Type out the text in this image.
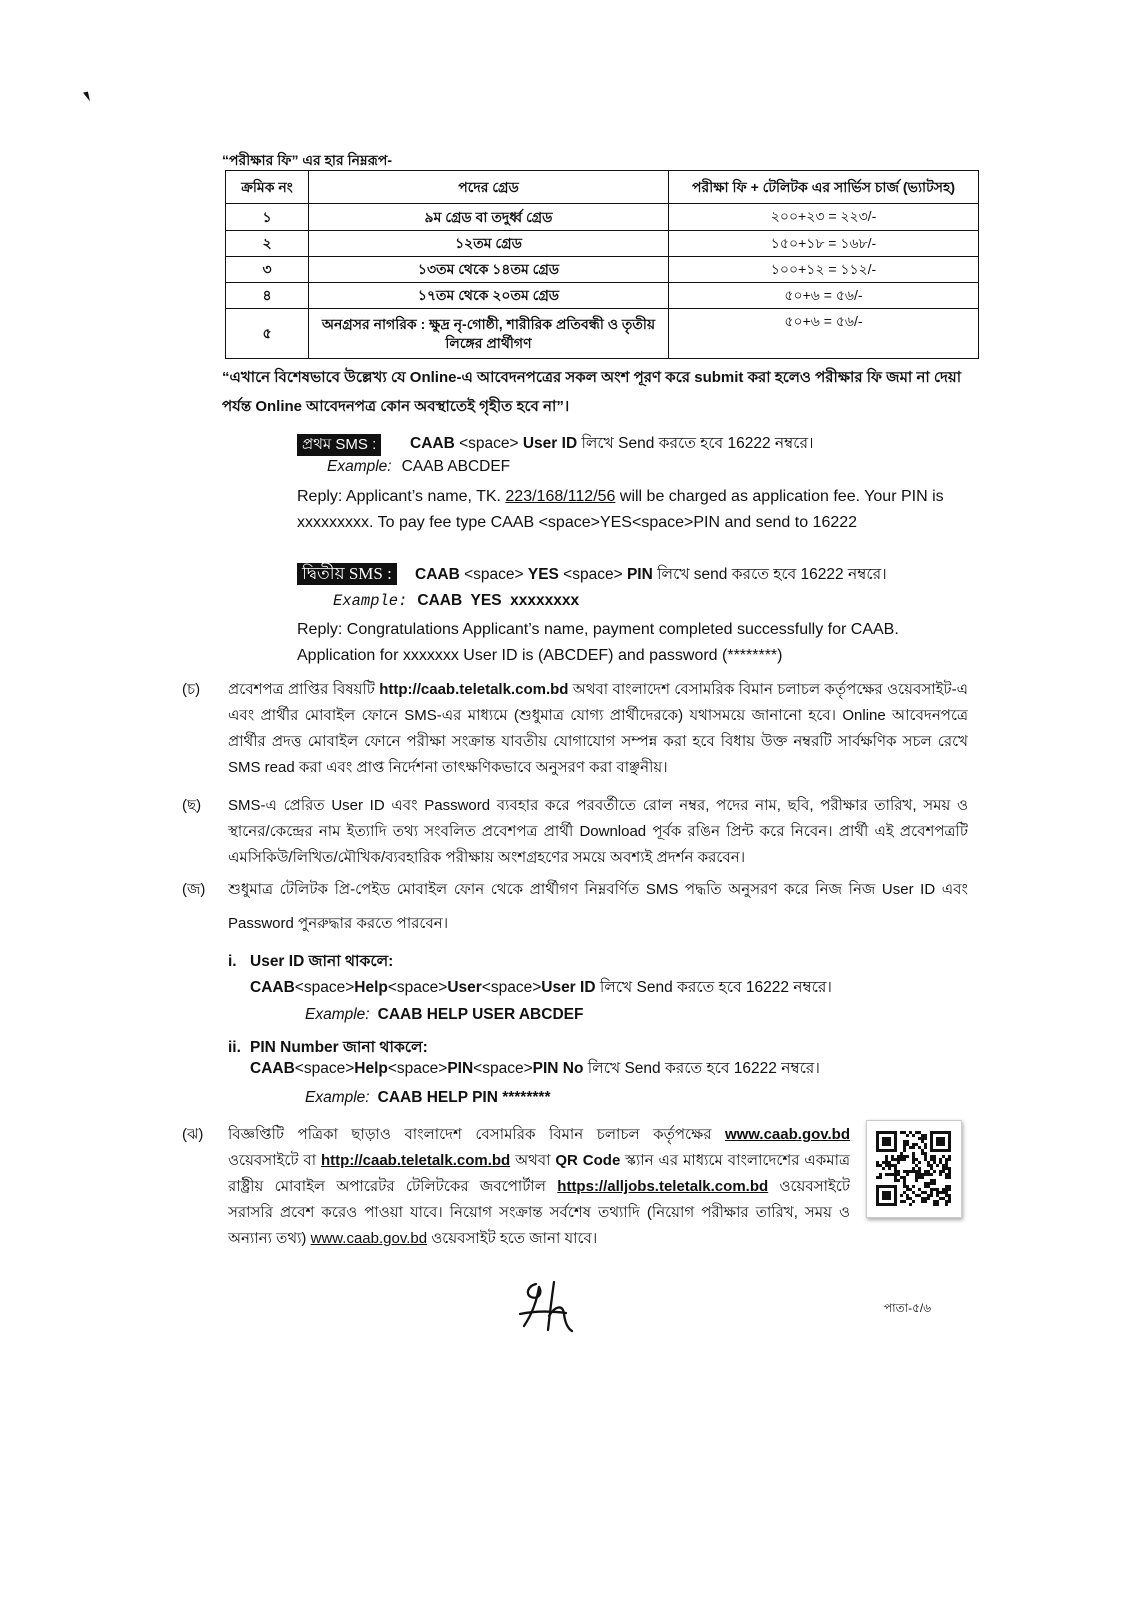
“পরীক্ষার ফি” এর হার নিম্নরূপ-
ক্রমিক নং	পদের গ্রেড	পরীক্ষা ফি + টেলিটক এর সার্ভিস চার্জ (ভ্যাটসহ)
১	৯ম গ্রেড বা তদুর্ধ্ব গ্রেড	২০০+২৩ = ২২৩/-
২	১২তম গ্রেড	১৫০+১৮ = ১৬৮/-
৩	১৩তম থেকে ১৪তম গ্রেড	১০০+১২ = ১১২/-
৪	১৭তম থেকে ২০তম গ্রেড	৫০+৬ = ৫৬/-
৫	অনগ্রসর নাগরিক : ক্ষুদ্র নৃ-গোষ্ঠী, শারীরিক প্রতিবন্ধী ও তৃতীয় লিঙ্গের প্রার্থীগণ	৫০+৬ = ৫৬/-

“এখানে বিশেষভাবে উল্লেখ্য যে Online-এ আবেদনপত্রের সকল অংশ পূরণ করে submit করা হলেও পরীক্ষার ফি জমা না দেয়া পর্যন্ত Online আবেদনপত্র কোন অবস্থাতেই গৃহীত হবে না”।

প্রথম SMS :	CAAB <space> User ID লিখে Send করতে হবে 16222 নম্বরে।
Example: CAAB ABCDEF

Reply: Applicant’s name, TK. 223/168/112/56 will be charged as application fee. Your PIN is xxxxxxxxx. To pay fee type CAAB <space>YES<space>PIN and send to 16222

দ্বিতীয় SMS :	CAAB <space> YES <space> PIN লিখে send করতে হবে 16222 নম্বরে।
Example: CAAB  YES  xxxxxxxx

Reply: Congratulations Applicant’s name, payment completed successfully for CAAB. Application for xxxxxxx User ID is (ABCDEF) and password (********)

(চ) প্রবেশপত্র প্রাপ্তির বিষয়টি http://caab.teletalk.com.bd অথবা বাংলাদেশ বেসামরিক বিমান চলাচল কর্তৃপক্ষের ওয়েবসাইট-এ এবং প্রার্থীর মোবাইল ফোনে SMS-এর মাধ্যমে (শুধুমাত্র যোগ্য প্রার্থীদেরকে) যথাসময়ে জানানো হবে। Online আবেদনপত্রে প্রার্থীর প্রদত্ত মোবাইল ফোনে পরীক্ষা সংক্রান্ত যাবতীয় যোগাযোগ সম্পন্ন করা হবে বিধায় উক্ত নম্বরটি সার্বক্ষণিক সচল রেখে SMS read করা এবং প্রাপ্ত নির্দেশনা তাৎক্ষণিকভাবে অনুসরণ করা বাঞ্ছনীয়।

(ছ) SMS-এ প্রেরিত User ID এবং Password ব্যবহার করে পরবর্তীতে রোল নম্বর, পদের নাম, ছবি, পরীক্ষার তারিখ, সময় ও স্থানের/কেন্দ্রের নাম ইত্যাদি তথ্য সংবলিত প্রবেশপত্র প্রার্থী Download পূর্বক রঙিন প্রিন্ট করে নিবেন। প্রার্থী এই প্রবেশপত্রটি এমসিকিউ/লিখিত/মৌখিক/ব্যবহারিক পরীক্ষায় অংশগ্রহণের সময়ে অবশ্যই প্রদর্শন করবেন।

(জ) শুধুমাত্র টেলিটক প্রি-পেইড মোবাইল ফোন থেকে প্রার্থীগণ নিম্নবর্ণিত SMS পদ্ধতি অনুসরণ করে নিজ নিজ User ID এবং Password পুনরুদ্ধার করতে পারবেন।

i. User ID জানা থাকলে:
CAAB<space>Help<space>User<space>User ID লিখে Send করতে হবে 16222 নম্বরে।
Example: CAAB HELP USER ABCDEF
ii. PIN Number জানা থাকলে:
CAAB<space>Help<space>PIN<space>PIN No লিখে Send করতে হবে 16222 নম্বরে।
Example: CAAB HELP PIN ********
(ঝ) বিজ্ঞপ্তিটি পত্রিকা ছাড়াও বাংলাদেশ বেসামরিক বিমান চলাচল কর্তৃপক্ষের www.caab.gov.bd ওয়েবসাইটে বা http://caab.teletalk.com.bd অথবা QR Code স্ক্যান এর মাধ্যমে বাংলাদেশের একমাত্র রাষ্ট্রীয় মোবাইল অপারেটর টেলিটকের জবপোর্টাল https://alljobs.teletalk.com.bd ওয়েবসাইটে সরাসরি প্রবেশ করেও পাওয়া যাবে। নিয়োগ সংক্রান্ত সর্বশেষ তথ্যাদি (নিয়োগ পরীক্ষার তারিখ, সময় ও অন্যান্য তথ্য) www.caab.gov.bd ওয়েবসাইট হতে জানা যাবে।

পাতা-৫/৬
